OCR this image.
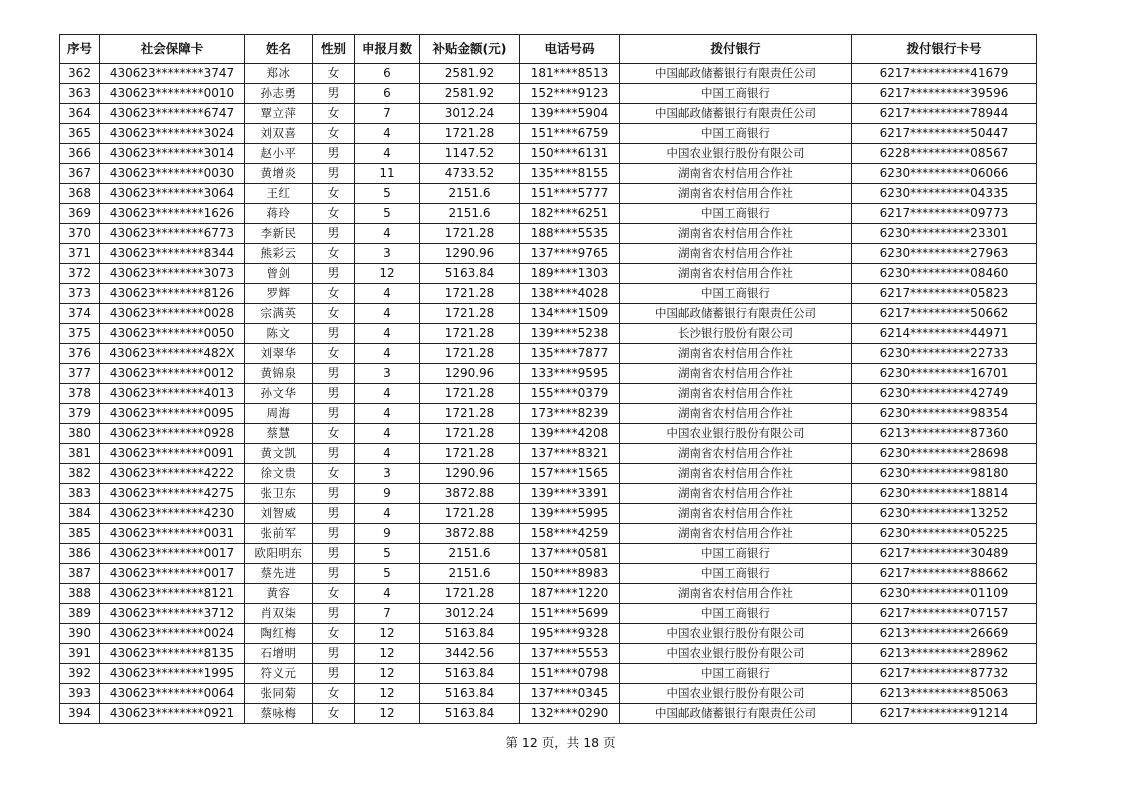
序号	社会保障卡	姓名	性别	申报月数	补贴金额(元)	电话号码	拨付银行	拨付银行卡号
362	430623********3747	郑冰	女	6	2581.92	181****8513	中国邮政储蓄银行有限责任公司	6217**********41679
363	430623********0010	孙志勇	男	6	2581.92	152****9123	中国工商银行	6217**********39596
364	430623********6747	覃立萍	女	7	3012.24	139****5904	中国邮政储蓄银行有限责任公司	6217**********78944
365	430623********3024	刘双喜	女	4	1721.28	151****6759	中国工商银行	6217**********50447
366	430623********3014	赵小平	男	4	1147.52	150****6131	中国农业银行股份有限公司	6228**********08567
367	430623********0030	黄增炎	男	11	4733.52	135****8155	湖南省农村信用合作社	6230**********06066
368	430623********3064	王红	女	5	2151.6	151****5777	湖南省农村信用合作社	6230**********04335
369	430623********1626	蒋玲	女	5	2151.6	182****6251	中国工商银行	6217**********09773
370	430623********6773	李新民	男	4	1721.28	188****5535	湖南省农村信用合作社	6230**********23301
371	430623********8344	熊彩云	女	3	1290.96	137****9765	湖南省农村信用合作社	6230**********27963
372	430623********3073	曾剑	男	12	5163.84	189****1303	湖南省农村信用合作社	6230**********08460
373	430623********8126	罗辉	女	4	1721.28	138****4028	中国工商银行	6217**********05823
374	430623********0028	宗满英	女	4	1721.28	134****1509	中国邮政储蓄银行有限责任公司	6217**********50662
375	430623********0050	陈文	男	4	1721.28	139****5238	长沙银行股份有限公司	6214**********44971
376	430623********482X	刘翠华	女	4	1721.28	135****7877	湖南省农村信用合作社	6230**********22733
377	430623********0012	黄锦泉	男	3	1290.96	133****9595	湖南省农村信用合作社	6230**********16701
378	430623********4013	孙文华	男	4	1721.28	155****0379	湖南省农村信用合作社	6230**********42749
379	430623********0095	周海	男	4	1721.28	173****8239	湖南省农村信用合作社	6230**********98354
380	430623********0928	蔡慧	女	4	1721.28	139****4208	中国农业银行股份有限公司	6213**********87360
381	430623********0091	黄文凯	男	4	1721.28	137****8321	湖南省农村信用合作社	6230**********28698
382	430623********4222	徐文贵	女	3	1290.96	157****1565	湖南省农村信用合作社	6230**********98180
383	430623********4275	张卫东	男	9	3872.88	139****3391	湖南省农村信用合作社	6230**********18814
384	430623********4230	刘智威	男	4	1721.28	139****5995	湖南省农村信用合作社	6230**********13252
385	430623********0031	张前军	男	9	3872.88	158****4259	湖南省农村信用合作社	6230**********05225
386	430623********0017	欧阳明东	男	5	2151.6	137****0581	中国工商银行	6217**********30489
387	430623********0017	蔡先进	男	5	2151.6	150****8983	中国工商银行	6217**********88662
388	430623********8121	黄容	女	4	1721.28	187****1220	湖南省农村信用合作社	6230**********01109
389	430623********3712	肖双柒	男	7	3012.24	151****5699	中国工商银行	6217**********07157
390	430623********0024	陶红梅	女	12	5163.84	195****9328	中国农业银行股份有限公司	6213**********26669
391	430623********8135	石增明	男	12	3442.56	137****5553	中国农业银行股份有限公司	6213**********28962
392	430623********1995	符义元	男	12	5163.84	151****0798	中国工商银行	6217**********87732
393	430623********0064	张同菊	女	12	5163.84	137****0345	中国农业银行股份有限公司	6213**********85063
394	430623********0921	蔡咏梅	女	12	5163.84	132****0290	中国邮政储蓄银行有限责任公司	6217**********91214
第 12 页，共 18 页
